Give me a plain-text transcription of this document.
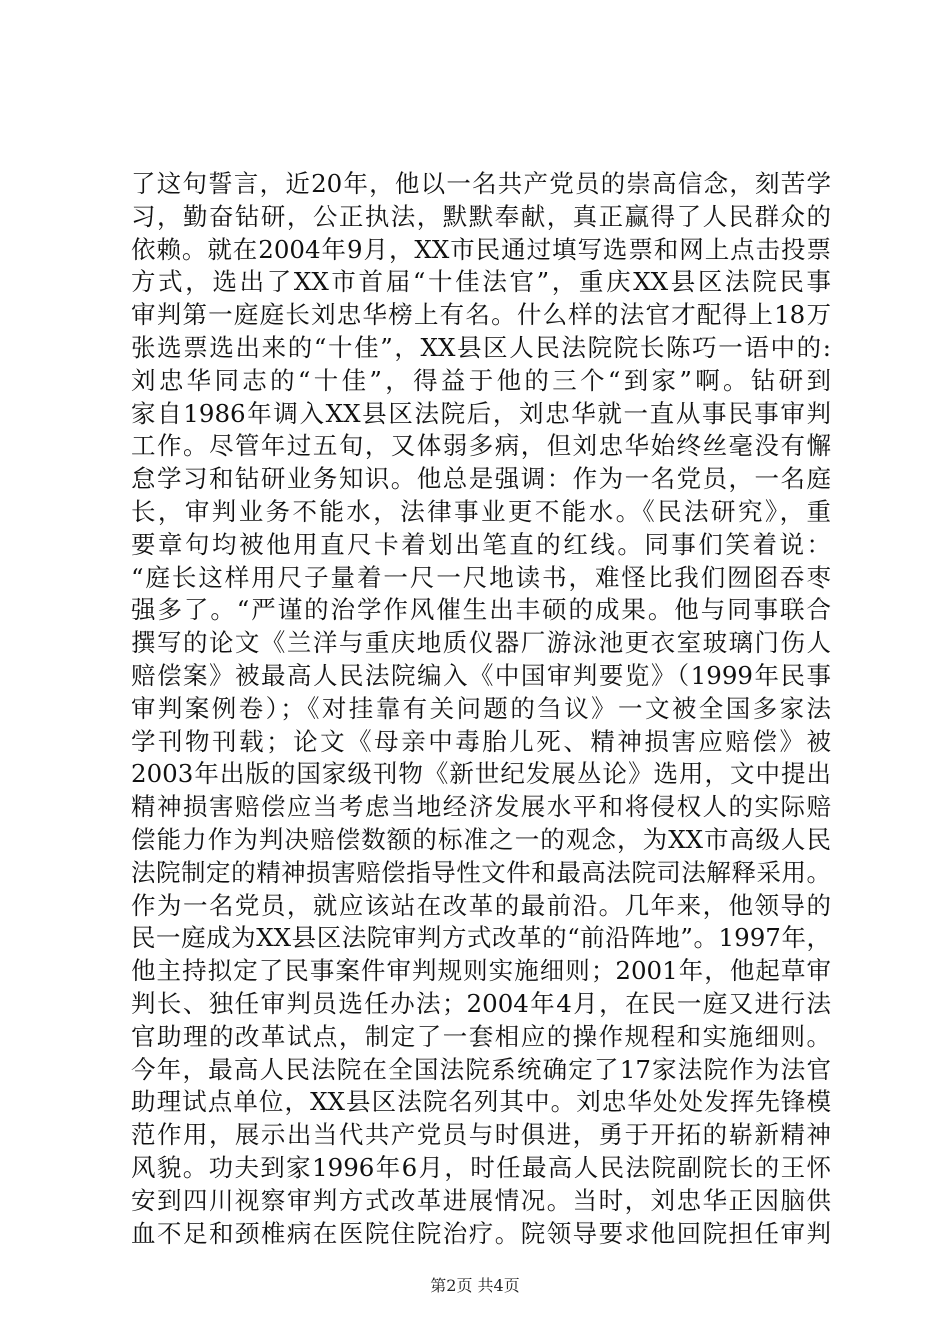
了这句誓言，近20年，他以一名共产党员的崇高信念，刻苦学
习，勤奋钻研，公正执法，默默奉献，真正赢得了人民群众的
依赖。就在2004年9月，XX市民通过填写选票和网上点击投票
方式，选出了XX市首届“十佳法官”，重庆XX县区法院民事
审判第一庭庭长刘忠华榜上有名。什么样的法官才配得上18万
张选票选出来的“十佳”，XX县区人民法院院长陈巧一语中的:
刘忠华同志的“十佳”，得益于他的三个“到家”啊。钻研到
家自1986年调入XX县区法院后，刘忠华就一直从事民事审判
工作。尽管年过五旬，又体弱多病，但刘忠华始终丝毫没有懈
怠学习和钻研业务知识。他总是强调：作为一名党员，一名庭
长，审判业务不能水，法律事业更不能水。《民法研究》，重
要章句均被他用直尺卡着划出笔直的红线。同事们笑着说：
“庭长这样用尺子量着一尺一尺地读书，难怪比我们囫囵吞枣
强多了。“严谨的治学作风催生出丰硕的成果。他与同事联合
撰写的论文《兰洋与重庆地质仪器厂游泳池更衣室玻璃门伤人
赔偿案》被最高人民法院编入《中国审判要览》（1999年民事
审判案例卷）；《对挂靠有关问题的刍议》一文被全国多家法
学刊物刊载；论文《母亲中毒胎儿死、精神损害应赔偿》被
2003年出版的国家级刊物《新世纪发展丛论》选用，文中提出
精神损害赔偿应当考虑当地经济发展水平和将侵权人的实际赔
偿能力作为判决赔偿数额的标准之一的观念，为XX市高级人民
法院制定的精神损害赔偿指导性文件和最高法院司法解释采用。
作为一名党员，就应该站在改革的最前沿。几年来，他领导的
民一庭成为XX县区法院审判方式改革的“前沿阵地”。1997年，
他主持拟定了民事案件审判规则实施细则；2001年，他起草审
判长、独任审判员选任办法；2004年4月，在民一庭又进行法
官助理的改革试点，制定了一套相应的操作规程和实施细则。
今年，最高人民法院在全国法院系统确定了17家法院作为法官
助理试点单位，XX县区法院名列其中。刘忠华处处发挥先锋模
范作用，展示出当代共产党员与时俱进，勇于开拓的崭新精神
风貌。功夫到家1996年6月，时任最高人民法院副院长的王怀
安到四川视察审判方式改革进展情况。当时，刘忠华正因脑供
血不足和颈椎病在医院住院治疗。院领导要求他回院担任审判
第2页 共4页
